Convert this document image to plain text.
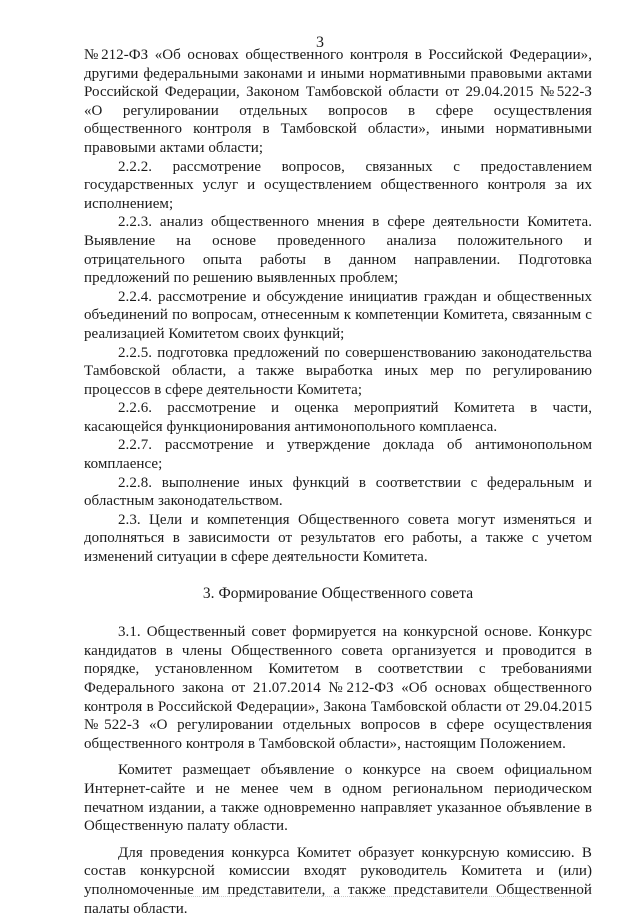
3

№212-ФЗ «Об основах общественного контроля в Российской Федерации», другими федеральными законами и иными нормативными правовыми актами Российской Федерации, Законом Тамбовской области от 29.04.2015 №522-З «О регулировании отдельных вопросов в сфере осуществления общественного контроля в Тамбовской области», иными нормативными правовыми актами области;

2.2.2. рассмотрение вопросов, связанных с предоставлением государственных услуг и осуществлением общественного контроля за их исполнением;

2.2.3. анализ общественного мнения в сфере деятельности Комитета. Выявление на основе проведенного анализа положительного и отрицательного опыта работы в данном направлении. Подготовка предложений по решению выявленных проблем;

2.2.4. рассмотрение и обсуждение инициатив граждан и общественных объединений по вопросам, отнесенным к компетенции Комитета, связанным с реализацией Комитетом своих функций;

2.2.5. подготовка предложений по совершенствованию законодательства Тамбовской области, а также выработка иных мер по регулированию процессов в сфере деятельности Комитета;

2.2.6. рассмотрение и оценка мероприятий Комитета в части, касающейся функционирования антимонопольного комплаенса.

2.2.7. рассмотрение и утверждение доклада об антимонопольном комплаенсе;

2.2.8. выполнение иных функций в соответствии с федеральным и областным законодательством.

2.3. Цели и компетенция Общественного совета могут изменяться и дополняться в зависимости от результатов его работы, а также с учетом изменений ситуации в сфере деятельности Комитета.

3. Формирование Общественного совета

3.1. Общественный совет формируется на конкурсной основе. Конкурс кандидатов в члены Общественного совета организуется и проводится в порядке, установленном Комитетом в соответствии с требованиями Федерального закона от 21.07.2014 №212-ФЗ «Об основах общественного контроля в Российской Федерации», Закона Тамбовской области от 29.04.2015 №522-З «О регулировании отдельных вопросов в сфере осуществления общественного контроля в Тамбовской области», настоящим Положением.

Комитет размещает объявление о конкурсе на своем официальном Интернет-сайте и не менее чем в одном региональном периодическом печатном издании, а также одновременно направляет указанное объявление в Общественную палату области.

Для проведения конкурса Комитет образует конкурсную комиссию. В состав конкурсной комиссии входят руководитель Комитета и (или) уполномоченные им представители, а также представители Общественной палаты области.
